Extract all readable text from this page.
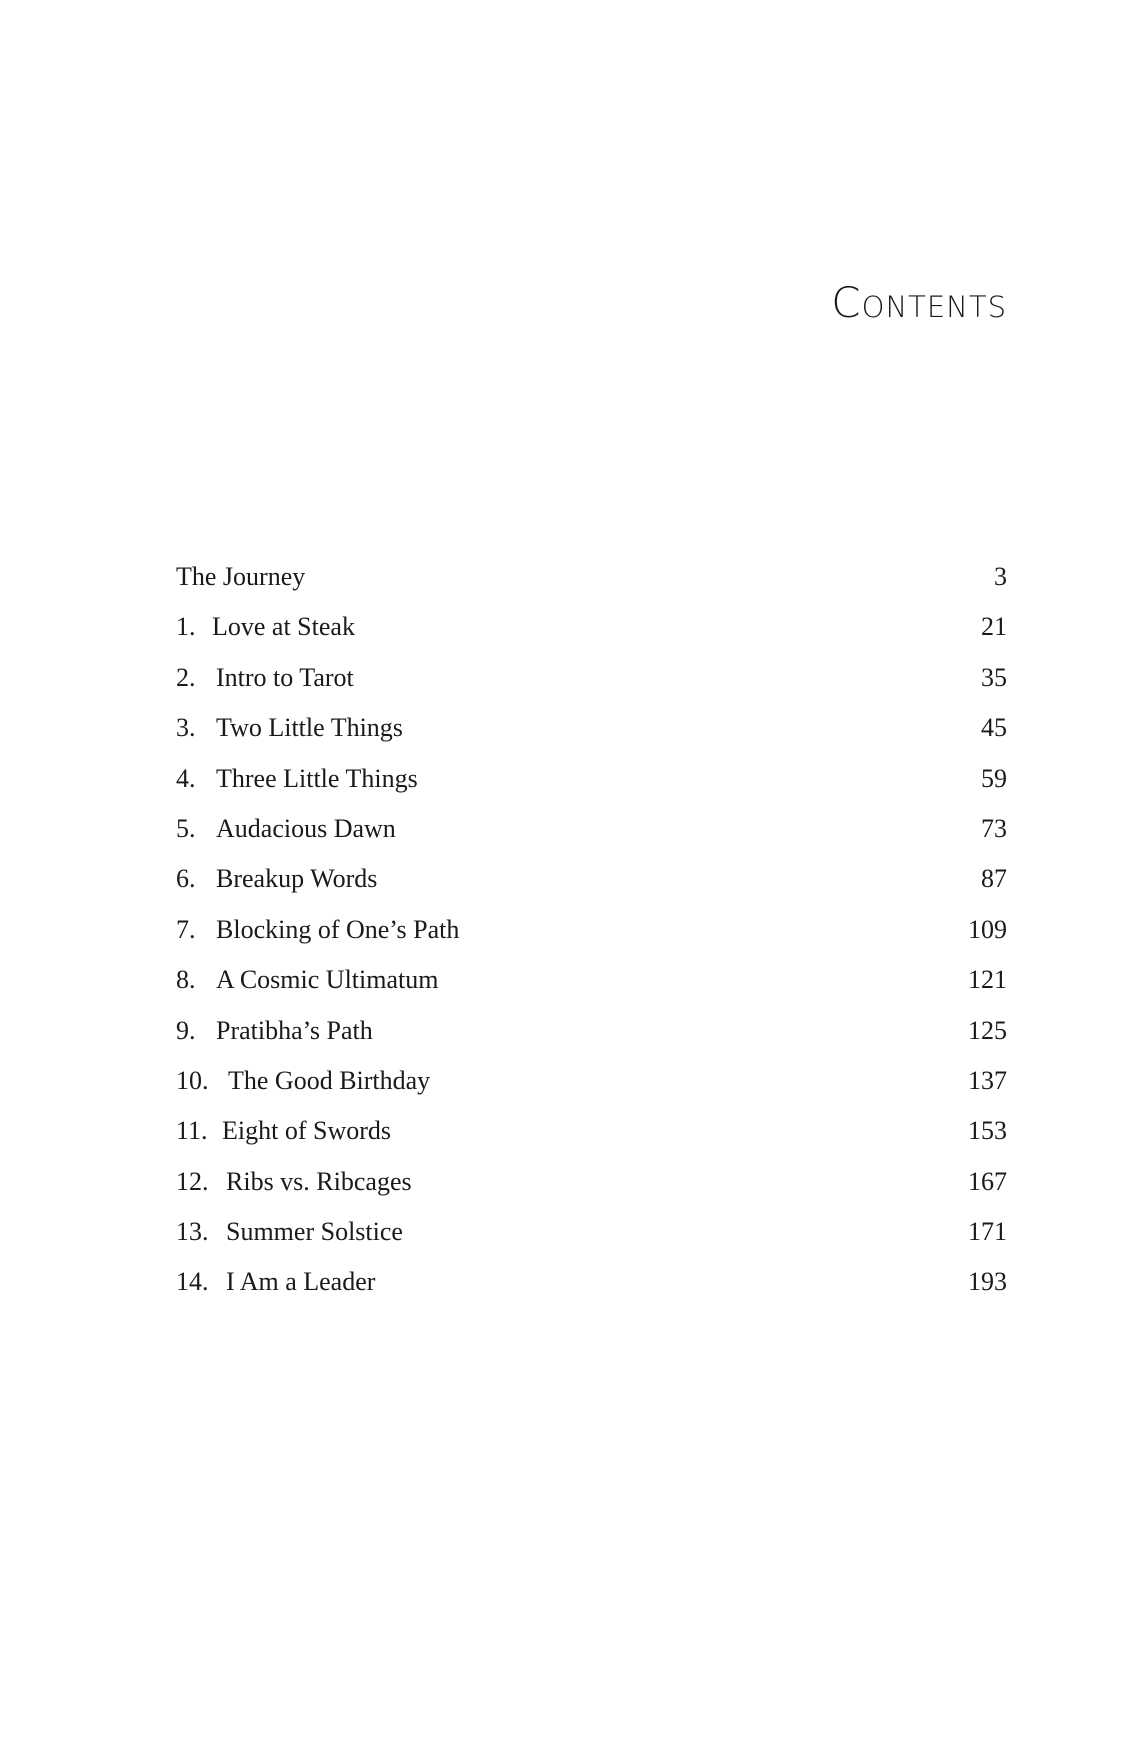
Contents
The Journey	3
1. Love at Steak	21
2. Intro to Tarot	35
3. Two Little Things	45
4. Three Little Things	59
5. Audacious Dawn	73
6. Breakup Words	87
7. Blocking of One’s Path	109
8. A Cosmic Ultimatum	121
9. Pratibha’s Path	125
10. The Good Birthday	137
11. Eight of Swords	153
12. Ribs vs. Ribcages	167
13. Summer Solstice	171
14. I Am a Leader	193
